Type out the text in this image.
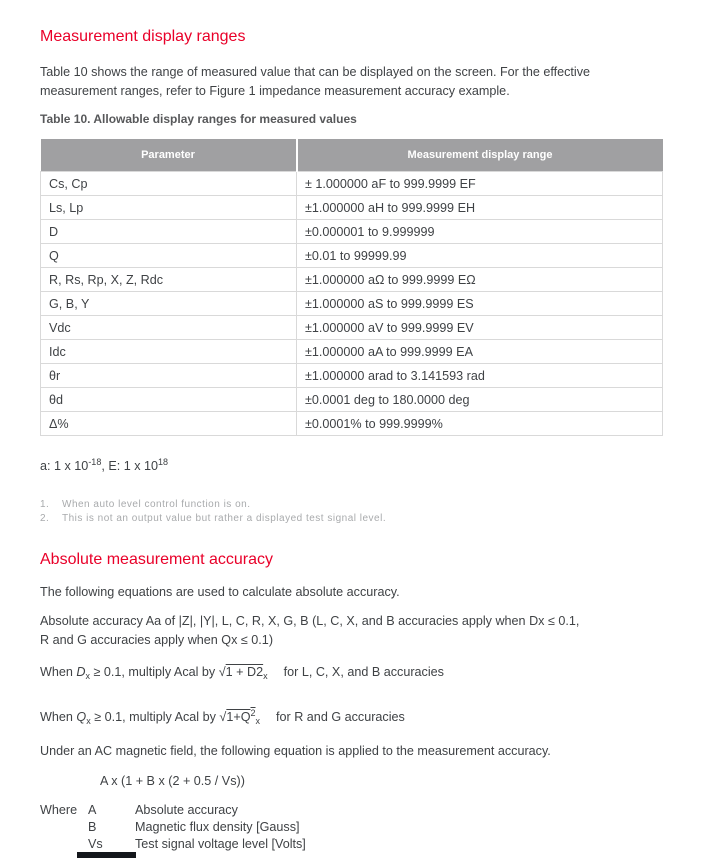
Measurement display ranges

Table 10 shows the range of measured value that can be displayed on the screen. For the effective
measurement ranges, refer to Figure 1 impedance measurement accuracy example.

Table 10. Allowable display ranges for measured values
Parameter	Measurement display range
Cs, Cp	± 1.000000 aF to 999.9999 EF
Ls, Lp	±1.000000 aH to 999.9999 EH
D	±0.000001 to 9.999999
Q	±0.01 to 99999.99
R, Rs, Rp, X, Z, Rdc	±1.000000 aΩ to 999.9999 EΩ
G, B, Y	±1.000000 aS to 999.9999 ES
Vdc	±1.000000 aV to 999.9999 EV
Idc	±1.000000 aA to 999.9999 EA
θr	±1.000000 arad to 3.141593 rad
θd	±0.0001 deg to 180.0000 deg
Δ%	±0.0001% to 999.9999%

a: 1 x $10^{-18}$, E: 1 x $10^{18}$

1.	When auto level control function is on.
2.	This is not an output value but rather a displayed test signal level.
Absolute measurement accuracy

The following equations are used to calculate absolute accuracy.

Absolute accuracy Aa of |Z|, |Y|, L, C, R, X, G, B (L, C, X, and B accuracies apply when Dx ≤ 0.1,
R and G accuracies apply when Qx ≤ 0.1)

When $D_x \ge 0.1$, multiply Acal by $√1 + D2_x$ for L, C, X, and B accuracies

When $Q_x \ge 0.1$, multiply Acal by $√1+Q^2_x$ for R and G accuracies

Under an AC magnetic field, the following equation is applied to the measurement accuracy.

A x (1 + B x (2 + 0.5 / Vs))

Where A	Absolute accuracy
B	Magnetic flux density [Gauss]
Vs	Test signal voltage level [Volts]
